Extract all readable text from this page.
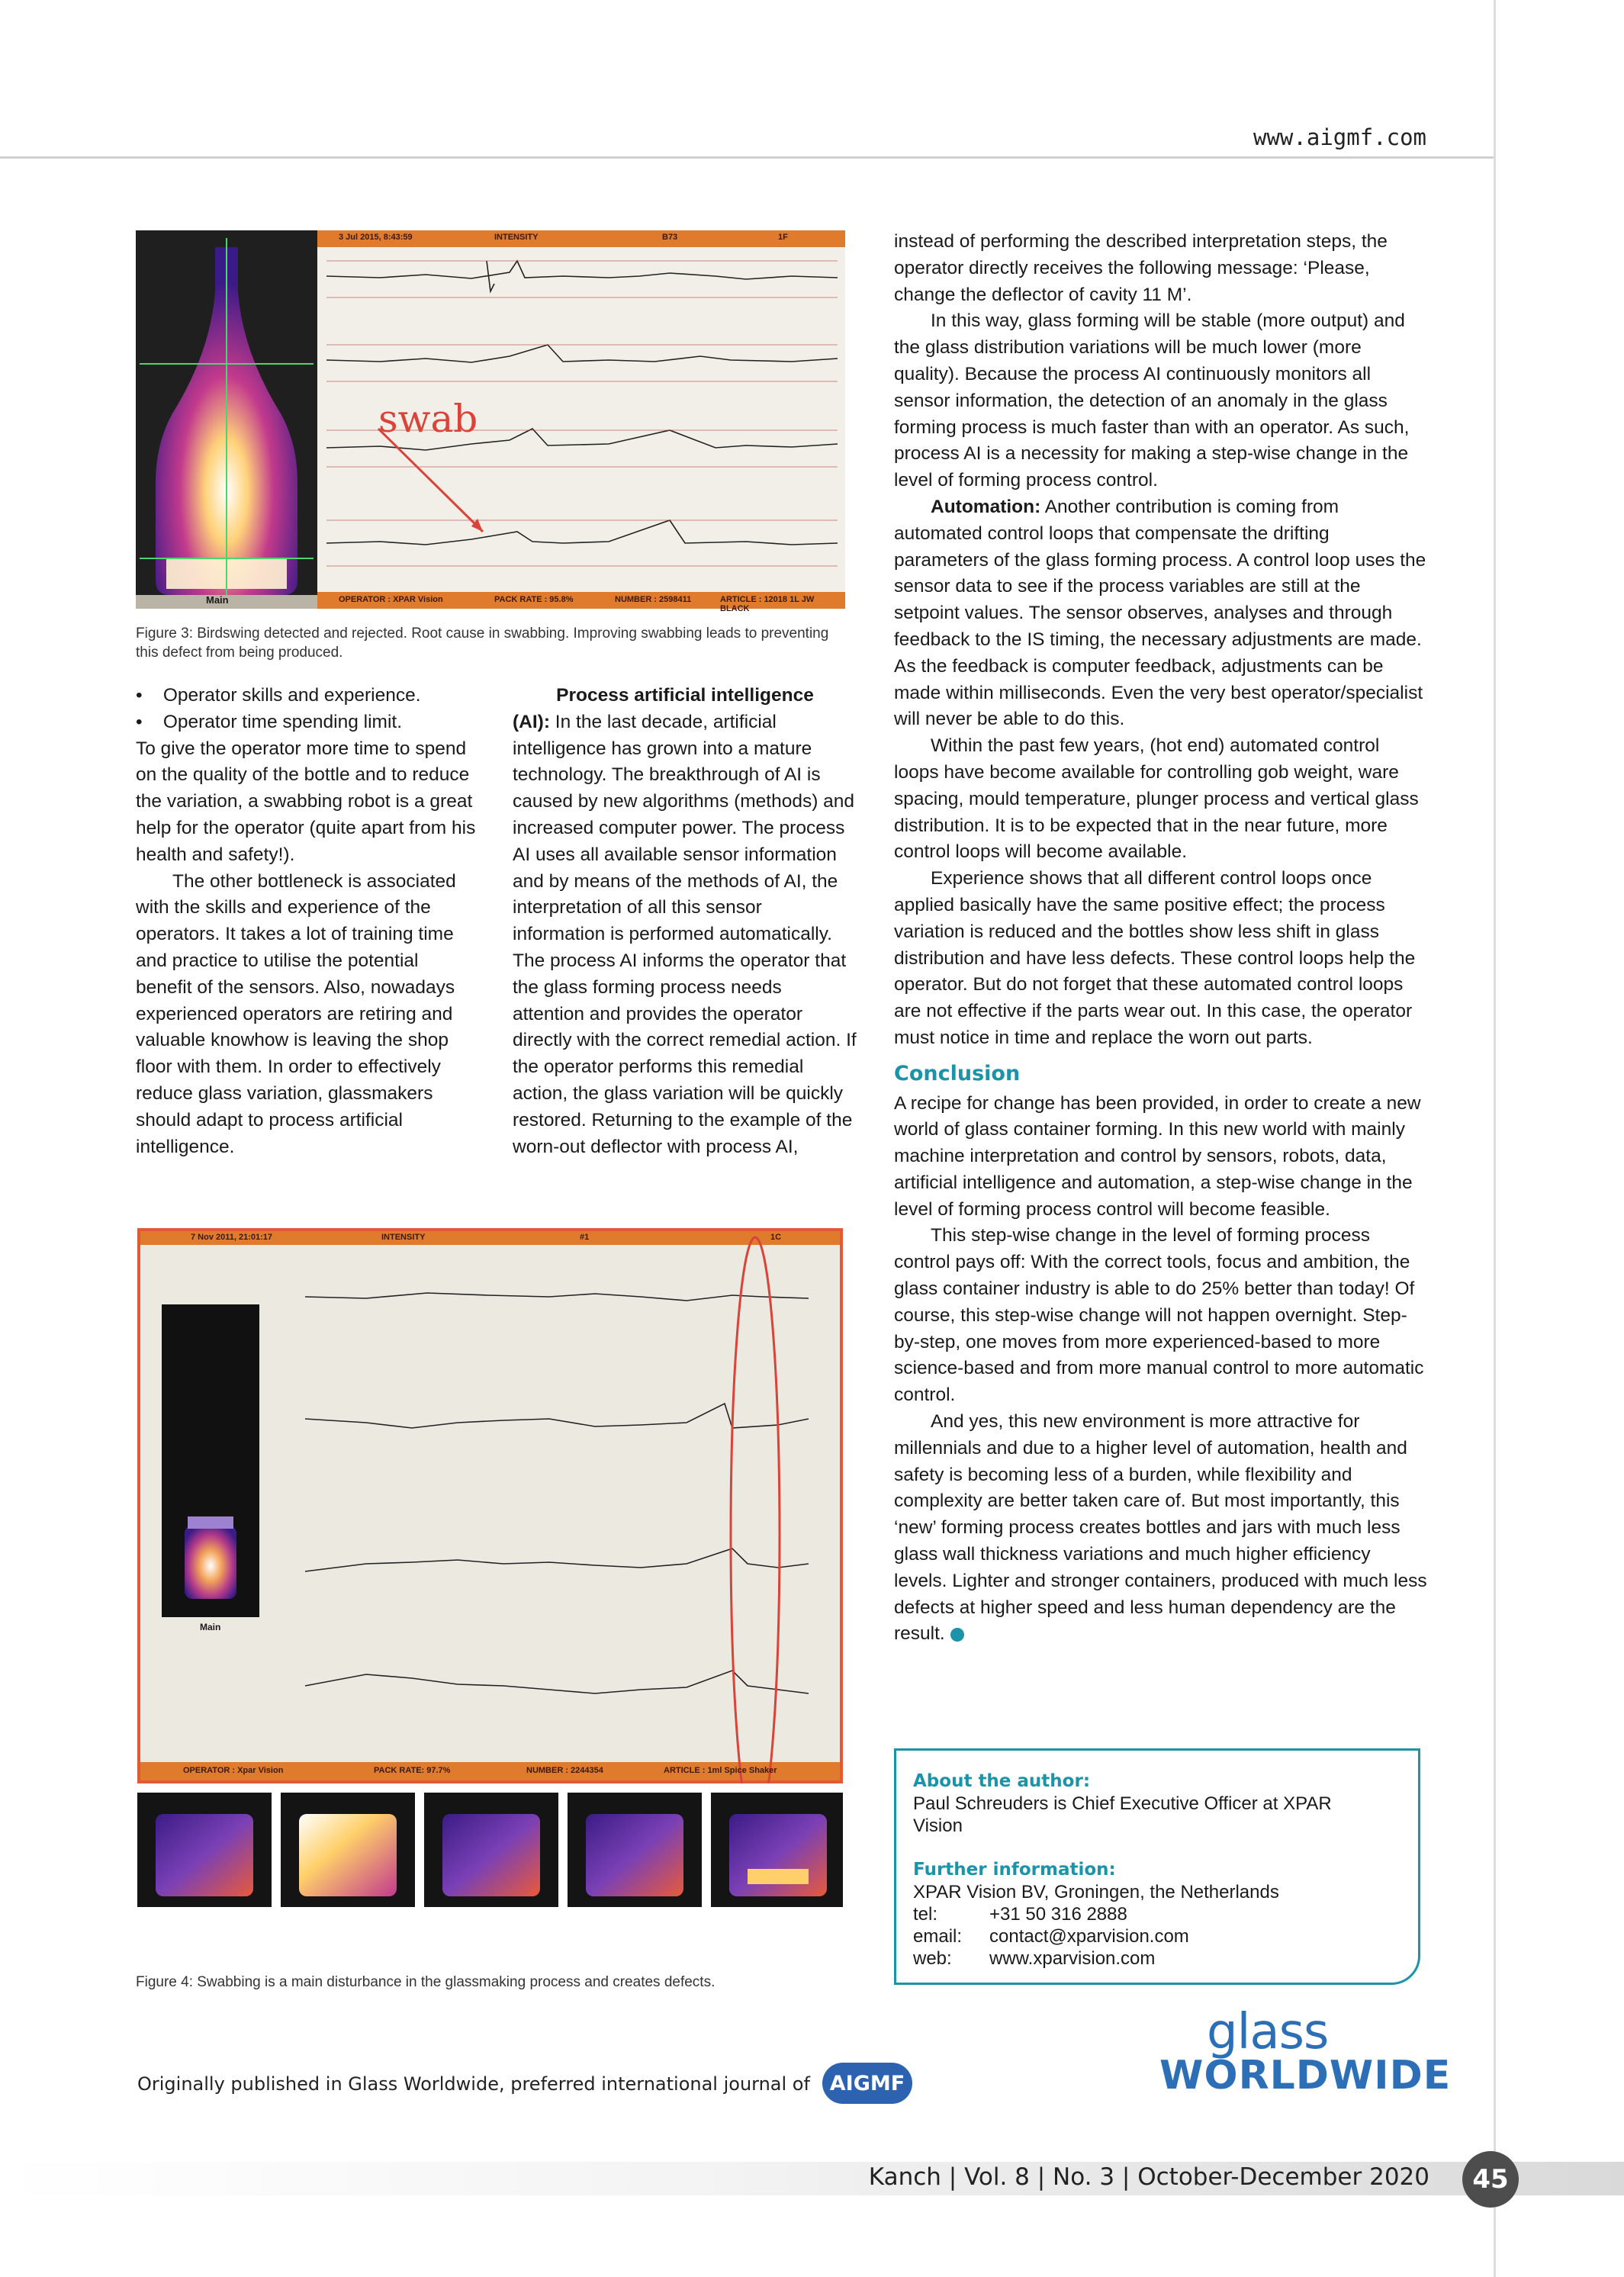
www.aigmf.com
3 Jul 2015, 8:43:59	INTENSITY	B73	1F
OPERATOR : XPAR Vision	PACK RATE : 95.8%	NUMBER : 2598411	ARTICLE : 12018 1L JW BLACK
Main
swab
Figure 3: Birdswing detected and rejected. Root cause in swabbing. Improving swabbing leads to preventing this defect from being produced.

•    Operator skills and experience.

•    Operator time spending limit.

To give the operator more time to spend on the quality of the bottle and to reduce the variation, a swabbing robot is a great help for the operator (quite apart from his health and safety!).

The other bottleneck is associated with the skills and experience of the operators. It takes a lot of training time and practice to utilise the potential benefit of the sensors. Also, nowadays experienced operators are retiring and valuable knowhow is leaving the shop floor with them. In order to effectively reduce glass variation, glassmakers should adapt to process artificial intelligence.

Process artificial intelligence
(AI): In the last decade, artificial intelligence has grown into a mature technology. The breakthrough of AI is caused by new algorithms (methods) and increased computer power. The process AI uses all available sensor information and by means of the methods of AI, the interpretation of all this sensor information is performed automatically. The process AI informs the operator that the glass forming process needs attention and provides the operator directly with the correct remedial action. If the operator performs this remedial action, the glass variation will be quickly restored. Returning to the example of the worn-out deflector with process AI,

7 Nov 2011, 21:01:17	INTENSITY	#1	1C
OPERATOR : Xpar Vision	PACK RATE: 97.7%	NUMBER : 2244354	ARTICLE : 1ml Spice Shaker
Main
Figure 4: Swabbing is a main disturbance in the glassmaking process and creates defects.

instead of performing the described interpretation steps, the operator directly receives the following message: ‘Please, change the deflector of cavity 11 M’.

In this way, glass forming will be stable (more output) and the glass distribution variations will be much lower (more quality). Because the process AI continuously monitors all sensor information, the detection of an anomaly in the glass forming process is much faster than with an operator. As such, process AI is a necessity for making a step-wise change in the level of forming process control.

Automation: Another contribution is coming from automated control loops that compensate the drifting parameters of the glass forming process. A control loop uses the sensor data to see if the process variables are still at the setpoint values. The sensor observes, analyses and through feedback to the IS timing, the necessary adjustments are made. As the feedback is computer feedback, adjustments can be made within milliseconds. Even the very best operator/specialist will never be able to do this.

Within the past few years, (hot end) automated control loops have become available for controlling gob weight, ware spacing, mould temperature, plunger process and vertical glass distribution. It is to be expected that in the near future, more control loops will become available.

Experience shows that all different control loops once applied basically have the same positive effect; the process variation is reduced and the bottles show less shift in glass distribution and have less defects. These control loops help the operator. But do not forget that these automated control loops are not effective if the parts wear out. In this case, the operator must notice in time and replace the worn out parts.

Conclusion

A recipe for change has been provided, in order to create a new world of glass container forming. In this new world with mainly machine interpretation and control by sensors, robots, data, artificial intelligence and automation, a step-wise change in the level of forming process control will become feasible.

This step-wise change in the level of forming process control pays off: With the correct tools, focus and ambition, the glass container industry is able to do 25% better than today! Of course, this step-wise change will not happen overnight. Step-by-step, one moves from more experienced-based to more science-based and from more manual control to more automatic control.

And yes, this new environment is more attractive for millennials and due to a higher level of automation, health and safety is becoming less of a burden, while flexibility and complexity are better taken care of. But most importantly, this ‘new’ forming process creates bottles and jars with much less glass wall thickness variations and much higher efficiency levels. Lighter and stronger containers, produced with much less defects at higher speed and less human dependency are the result.

About the author:
Paul Schreuders is Chief Executive Officer at XPAR Vision
Further information:
XPAR Vision BV, Groningen, the Netherlands
tel:	+31 50 316 2888
email:	contact@xparvision.com
web:	www.xparvision.com
glass
WORLDWIDE
Originally published in Glass Worldwide, preferred international journal of AIGMF
Kanch | Vol. 8 | No. 3 | October-December 2020	45
